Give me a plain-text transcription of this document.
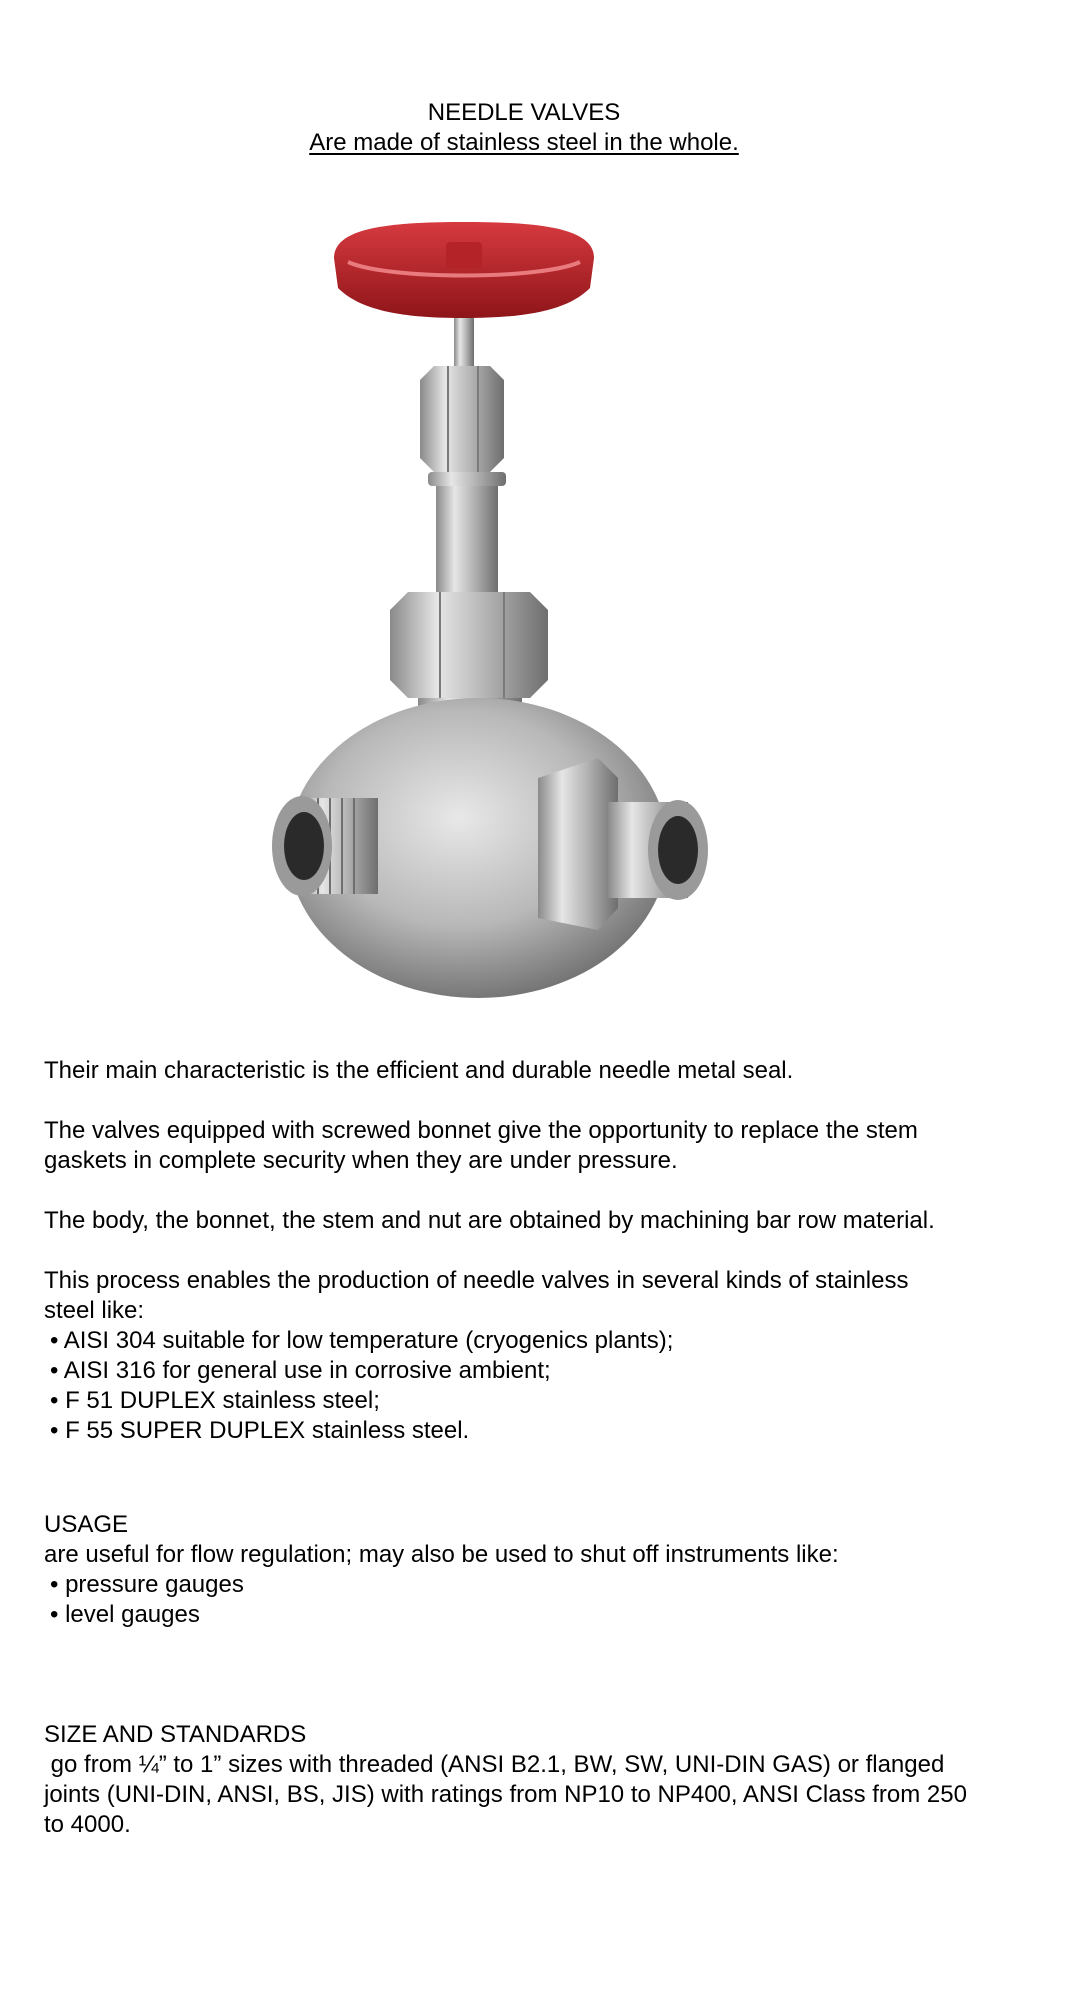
NEEDLE VALVES
Are made of stainless steel in the whole.

Their main characteristic is the efficient and durable needle metal seal.

The valves equipped with screwed bonnet give the opportunity to replace the stem

gaskets in complete security when they are under pressure.

The body, the bonnet, the stem and nut are obtained by machining bar row material.

This process enables the production of needle valves in several kinds of stainless

steel like:

• AISI 304 suitable for low temperature (cryogenics plants);

• AISI 316 for general use in corrosive ambient;

• F 51 DUPLEX stainless steel;

• F 55 SUPER DUPLEX stainless steel.

USAGE

are useful for flow regulation; may also be used to shut off instruments like:

• pressure gauges

• level gauges

SIZE AND STANDARDS

go from ¼” to 1” sizes with threaded (ANSI B2.1, BW, SW, UNI-DIN GAS) or flanged

joints (UNI-DIN, ANSI, BS, JIS) with ratings from NP10 to NP400, ANSI Class from 250

to 4000.
